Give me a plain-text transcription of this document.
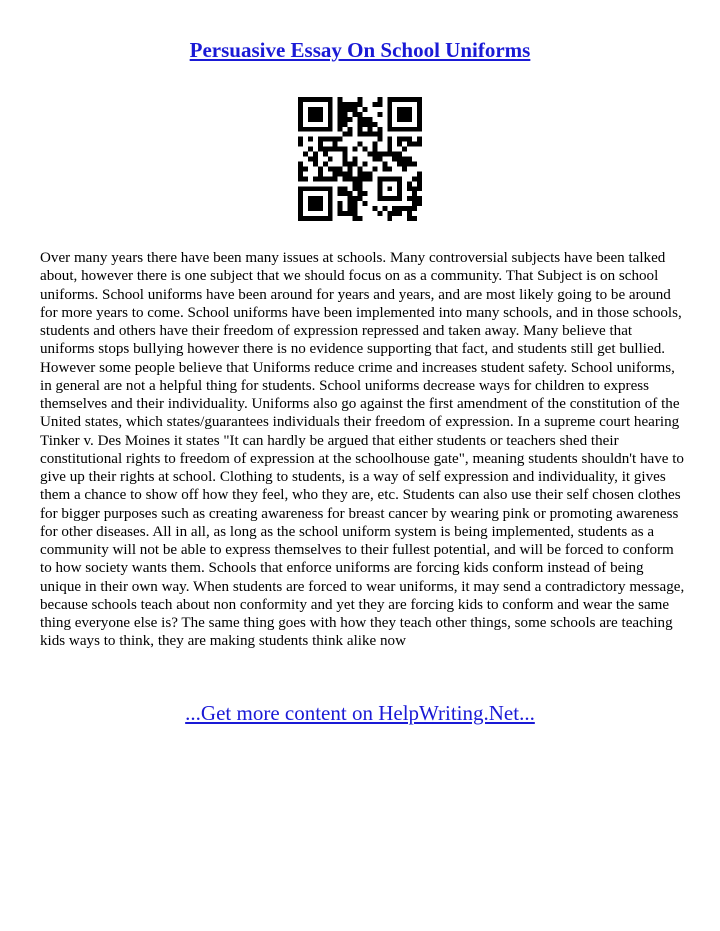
Persuasive Essay On School Uniforms

Over many years there have been many issues at schools. Many controversial subjects have been talked about, however there is one subject that we should focus on as a community. That Subject is on school uniforms. School uniforms have been around for years and years, and are most likely going to be around for more years to come. School uniforms have been implemented into many schools, and in those schools, students and others have their freedom of expression repressed and taken away. Many believe that uniforms stops bullying however there is no evidence supporting that fact, and students still get bullied. However some people believe that Uniforms reduce crime and increases student safety. School uniforms, in general are not a helpful thing for students. School uniforms decrease ways for children to express themselves and their individuality. Uniforms also go against the first amendment of the constitution of the United states, which states/guarantees individuals their freedom of expression. In a supreme court hearing Tinker v. Des Moines it states "It can hardly be argued that either students or teachers shed their constitutional rights to freedom of expression at the schoolhouse gate", meaning students shouldn't have to give up their rights at school. Clothing to students, is a way of self expression and individuality, it gives them a chance to show off how they feel, who they are, etc. Students can also use their self chosen clothes for bigger purposes such as creating awareness for breast cancer by wearing pink or promoting awareness for other diseases. All in all, as long as the school uniform system is being implemented, students as a community will not be able to express themselves to their fullest potential, and will be forced to conform to how society wants them. Schools that enforce uniforms are forcing kids conform instead of being unique in their own way. When students are forced to wear uniforms, it may send a contradictory message, because schools teach about non conformity and yet they are forcing kids to conform and wear the same thing everyone else is? The same thing goes with how they teach other things, some schools are teaching kids ways to think, they are making students think alike now

...Get more content on HelpWriting.Net...
